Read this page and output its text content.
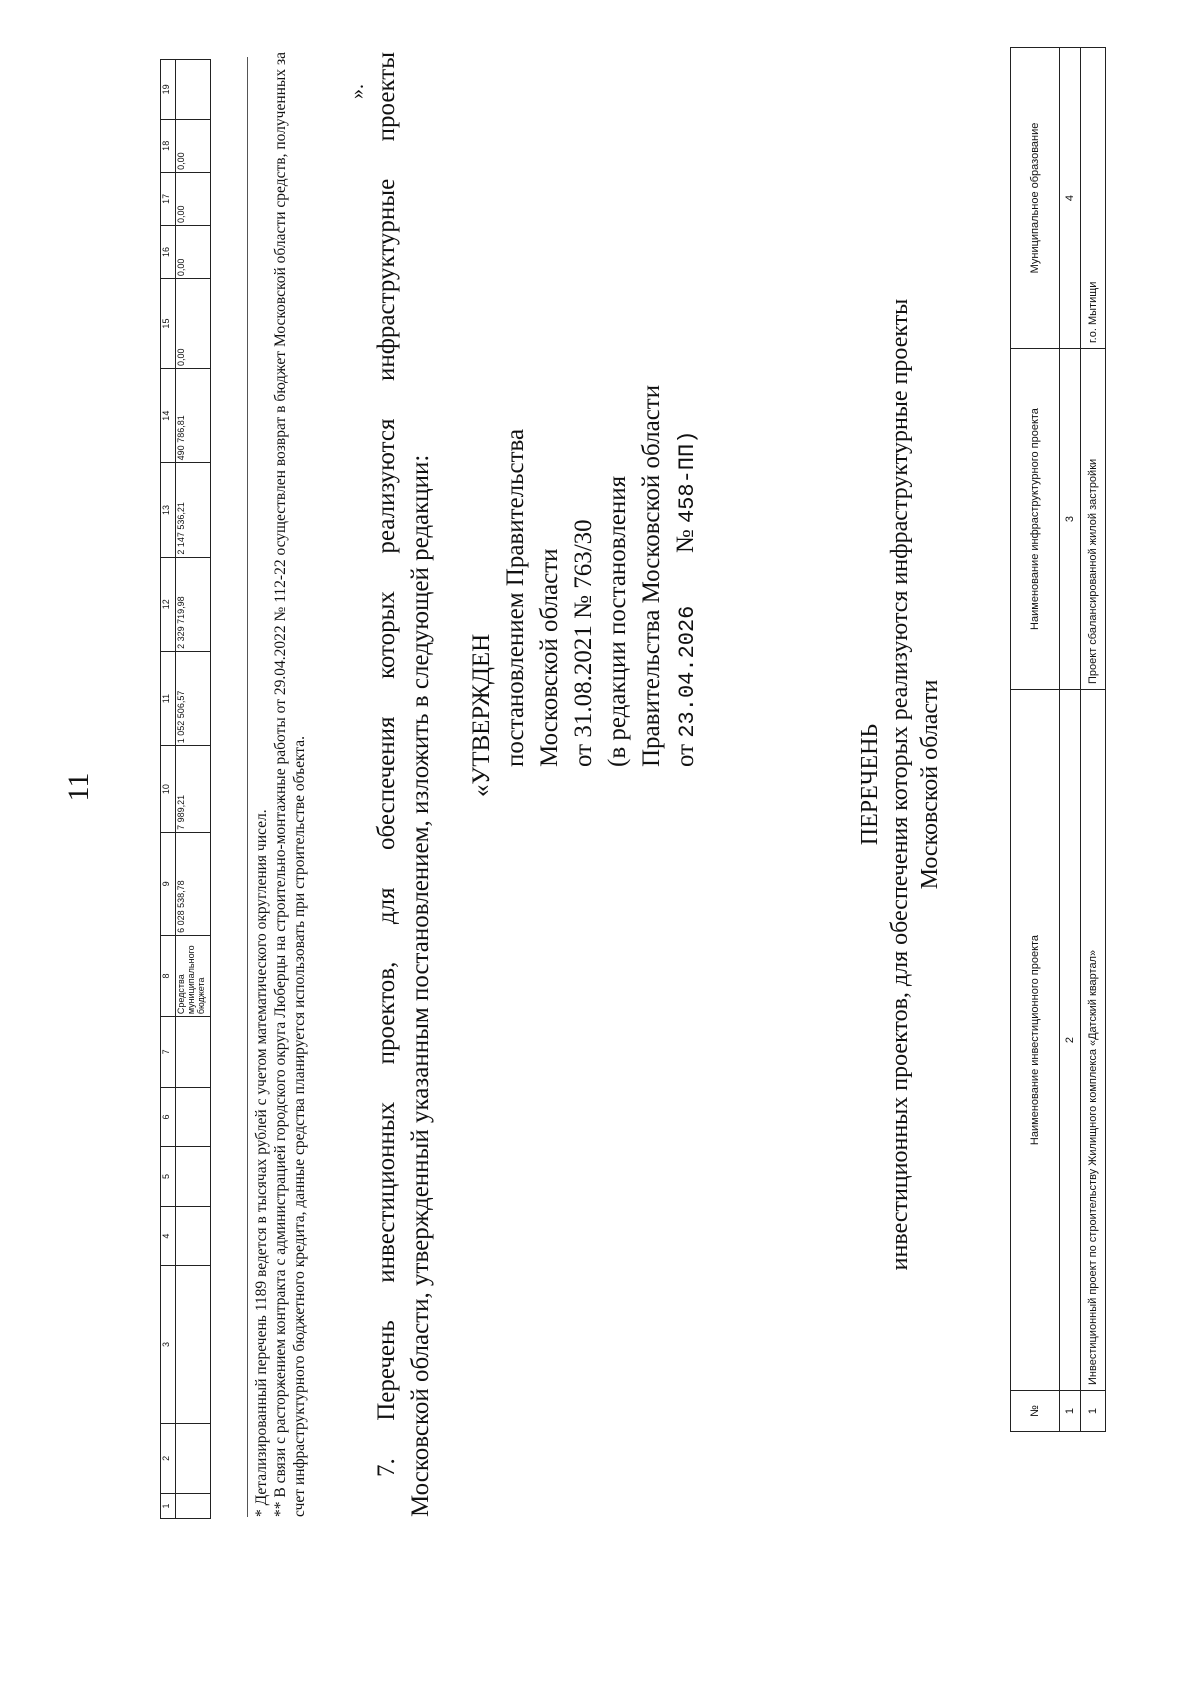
11
1	2	3	4	5	6	7	8	9	10	11	12	13	14	15	16	17	18	19
							Средства муниципального бюджета	6 028 538,78	7 989,21	1 052 506,57	2 329 719,98	2 147 536,21	490 786,81	0,00	0,00	0,00	0,00	

* Детализированный перечень 1189 ведется в тысячах рублей с учетом математического округления чисел. ** В связи с расторжением контракта с администрацией городского округа Люберцы на строительно-монтажные работы от 29.04.2022 № 112-22 осуществлен возврат в бюджет Московской области средств, полученных за счет инфраструктурного бюджетного кредита, данные средства планируется использовать при строительстве объекта.

». 7. Перечень инвестиционных проектов, для обеспечения которых реализуются инфраструктурные проекты Московской области, утвержденный указанным постановлением, изложить в следующей редакции: «УТВЕРЖДЕН постановлением Правительства Московской области от 31.08.2021 № 763/30 (в редакции постановления Правительства Московской области от 23.04.2026  № 458-ПП)
ПЕРЕЧЕНЬ инвестиционных проектов, для обеспечения которых реализуются инфраструктурные проекты Московской области
№	Наименование инвестиционного проекта	Наименование инфраструктурного проекта	Муниципальное образование
1	2	3	4
1	Инвестиционный проект по строительству Жилищного комплекса «Датский квартал»	Проект сбалансированной жилой застройки	г.о. Мытищи
